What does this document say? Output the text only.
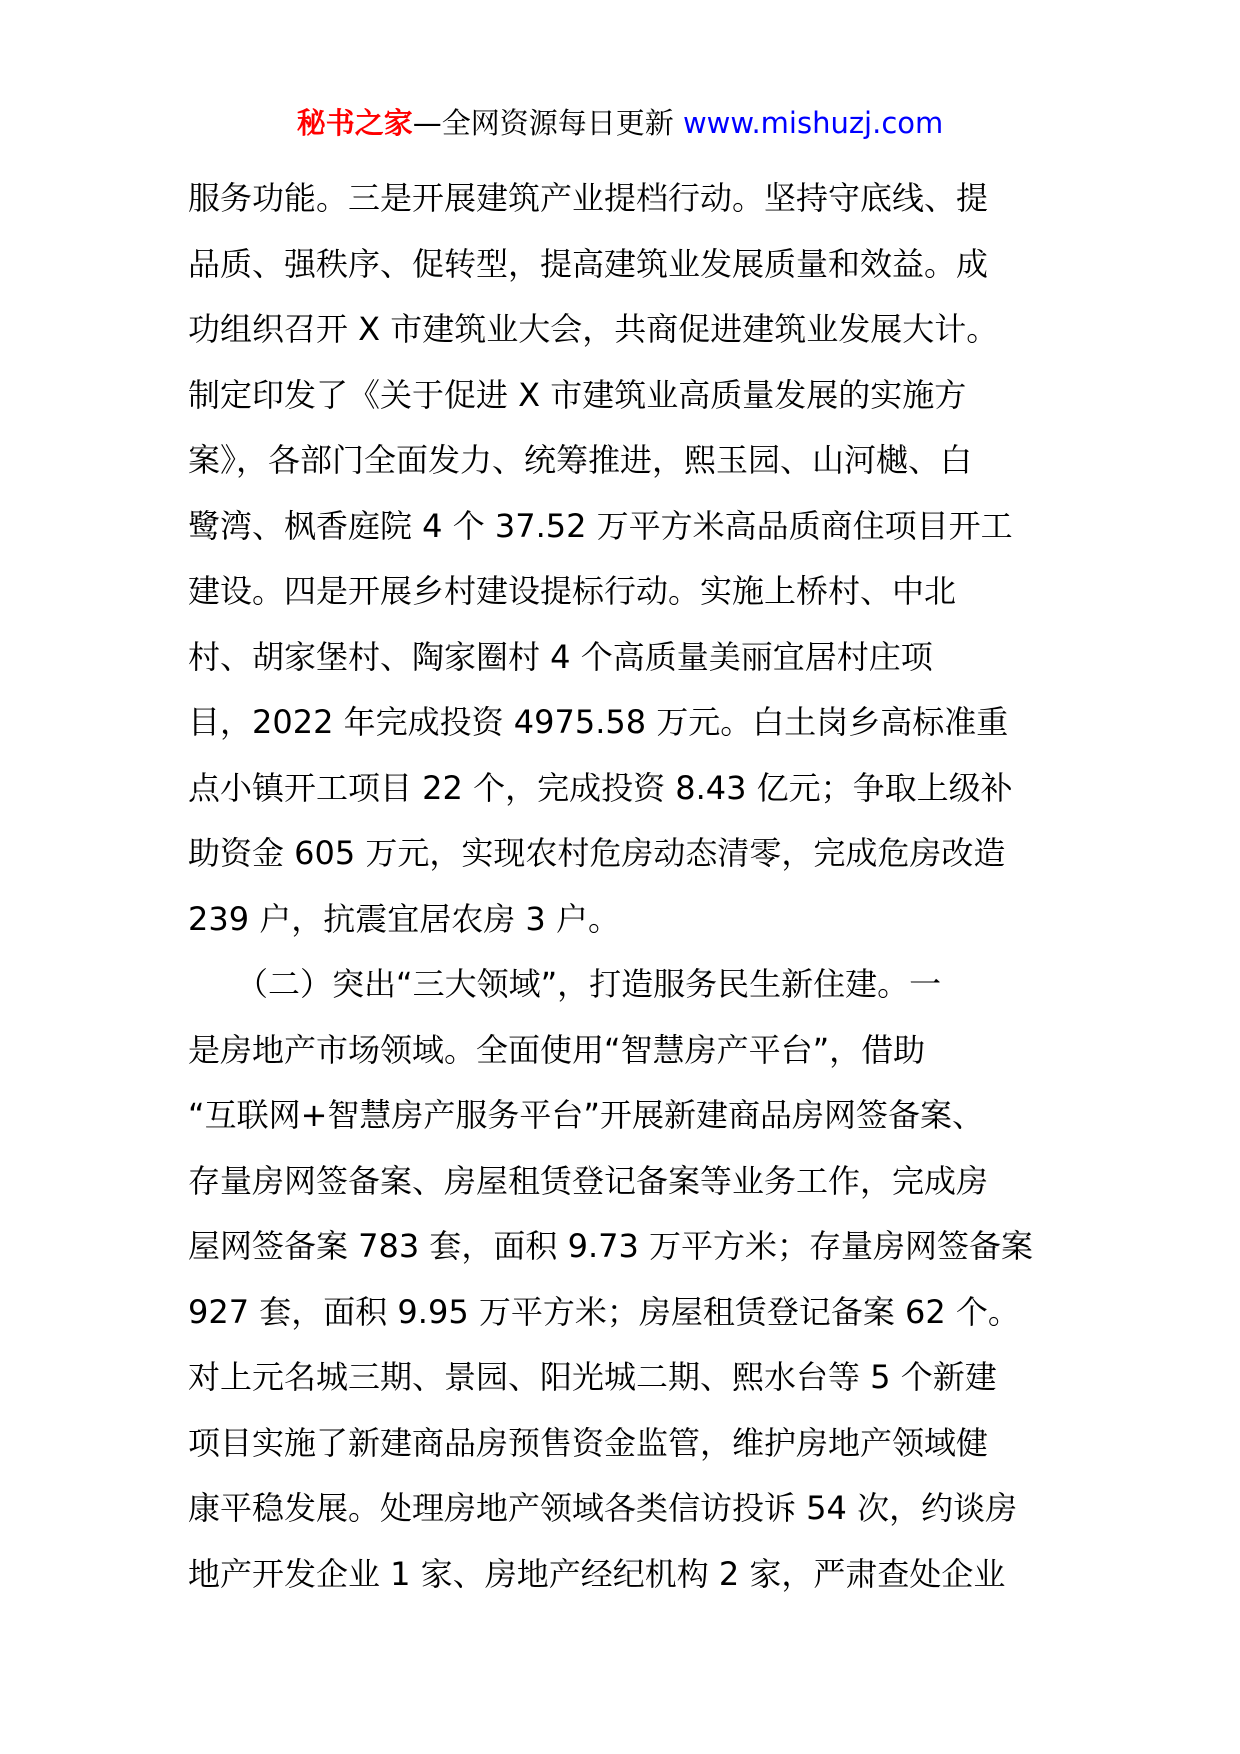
秘书之家—全网资源每日更新 www.mishuzj.com
服务功能。三是开展建筑产业提档行动。坚持守底线、提
品质、强秩序、促转型，提高建筑业发展质量和效益。成
功组织召开 X 市建筑业大会，共商促进建筑业发展大计。
制定印发了《关于促进 X 市建筑业高质量发展的实施方
案》，各部门全面发力、统筹推进，熙玉园、山河樾、白
鹭湾、枫香庭院 4 个 37.52 万平方米高品质商住项目开工
建设。四是开展乡村建设提标行动。实施上桥村、中北
村、胡家堡村、陶家圈村 4 个高质量美丽宜居村庄项
目，2022 年完成投资 4975.58 万元。白土岗乡高标准重
点小镇开工项目 22 个，完成投资 8.43 亿元；争取上级补
助资金 605 万元，实现农村危房动态清零，完成危房改造
239 户，抗震宜居农房 3 户。
　　（二）突出“三大领域”，打造服务民生新住建。一
是房地产市场领域。全面使用“智慧房产平台”，借助
“互联网+智慧房产服务平台”开展新建商品房网签备案、
存量房网签备案、房屋租赁登记备案等业务工作，完成房
屋网签备案 783 套，面积 9.73 万平方米；存量房网签备案
927 套，面积 9.95 万平方米；房屋租赁登记备案 62 个。
对上元名城三期、景园、阳光城二期、熙水台等 5 个新建
项目实施了新建商品房预售资金监管，维护房地产领域健
康平稳发展。处理房地产领域各类信访投诉 54 次，约谈房
地产开发企业 1 家、房地产经纪机构 2 家，严肃查处企业
